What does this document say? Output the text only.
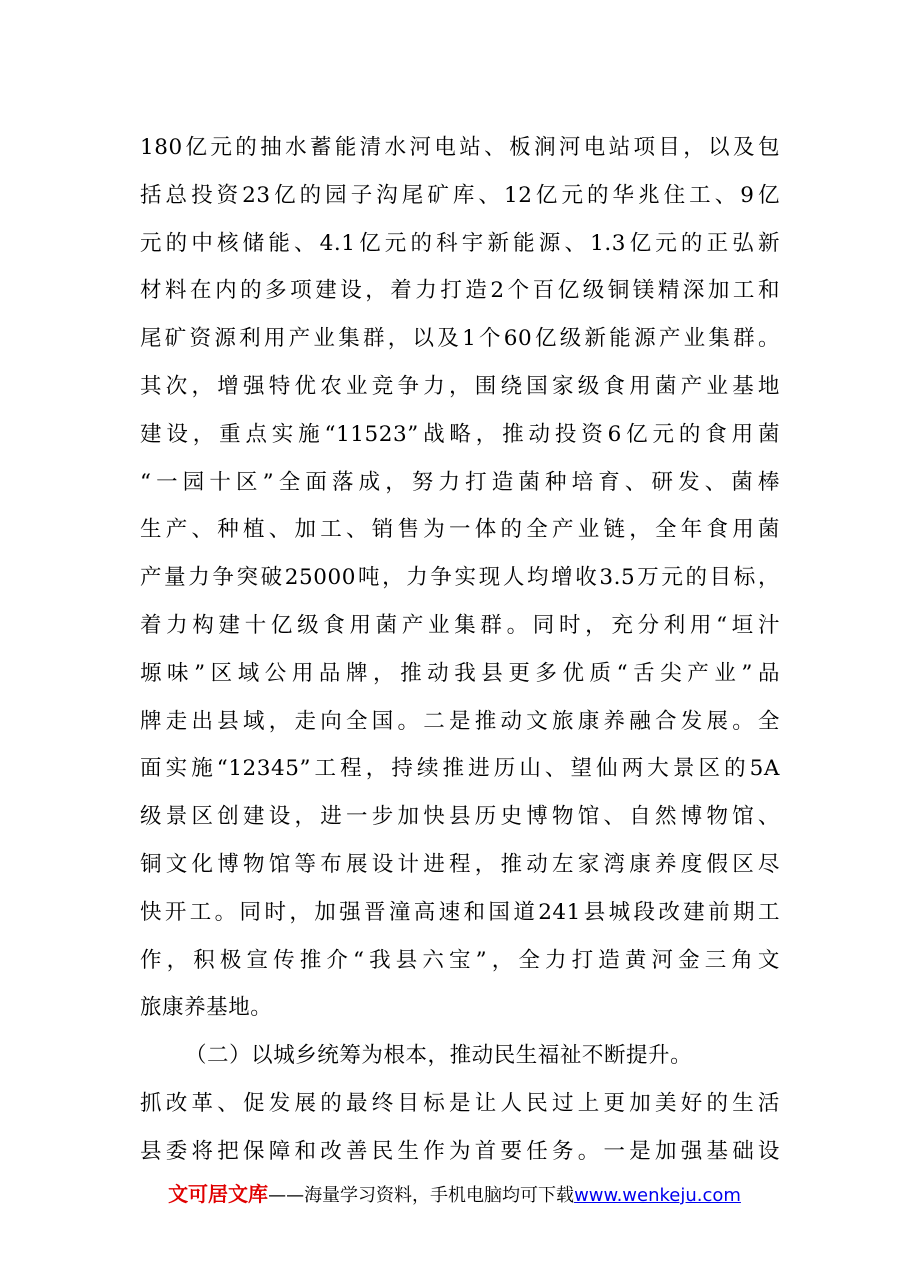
180亿元的抽水蓄能清水河电站、板涧河电站项目，以及包
括总投资23亿的园子沟尾矿库、12亿元的华兆住工、9亿
元的中核储能、4.1亿元的科宇新能源、1.3亿元的正弘新
材料在内的多项建设，着力打造2个百亿级铜镁精深加工和
尾矿资源利用产业集群，以及1个60亿级新能源产业集群。
其次，增强特优农业竞争力，围绕国家级食用菌产业基地
建设，重点实施“11523”战略，推动投资6亿元的食用菌
“一园十区”全面落成，努力打造菌种培育、研发、菌棒
生产、种植、加工、销售为一体的全产业链，全年食用菌
产量力争突破25000吨，力争实现人均增收3.5万元的目标，
着力构建十亿级食用菌产业集群。同时，充分利用“垣汁
塬味”区域公用品牌，推动我县更多优质“舌尖产业”品
牌走出县域，走向全国。二是推动文旅康养融合发展。全
面实施“12345”工程，持续推进历山、望仙两大景区的5A
级景区创建设，进一步加快县历史博物馆、自然博物馆、
铜文化博物馆等布展设计进程，推动左家湾康养度假区尽
快开工。同时，加强晋潼高速和国道241县城段改建前期工
作，积极宣传推介“我县六宝”，全力打造黄河金三角文
旅康养基地。
（二）以城乡统筹为根本，推动民生福祉不断提升。
抓改革、促发展的最终目标是让人民过上更加美好的生活
县委将把保障和改善民生作为首要任务。一是加强基础设
文可居文库——海量学习资料，手机电脑均可下载www.wenkeju.com
